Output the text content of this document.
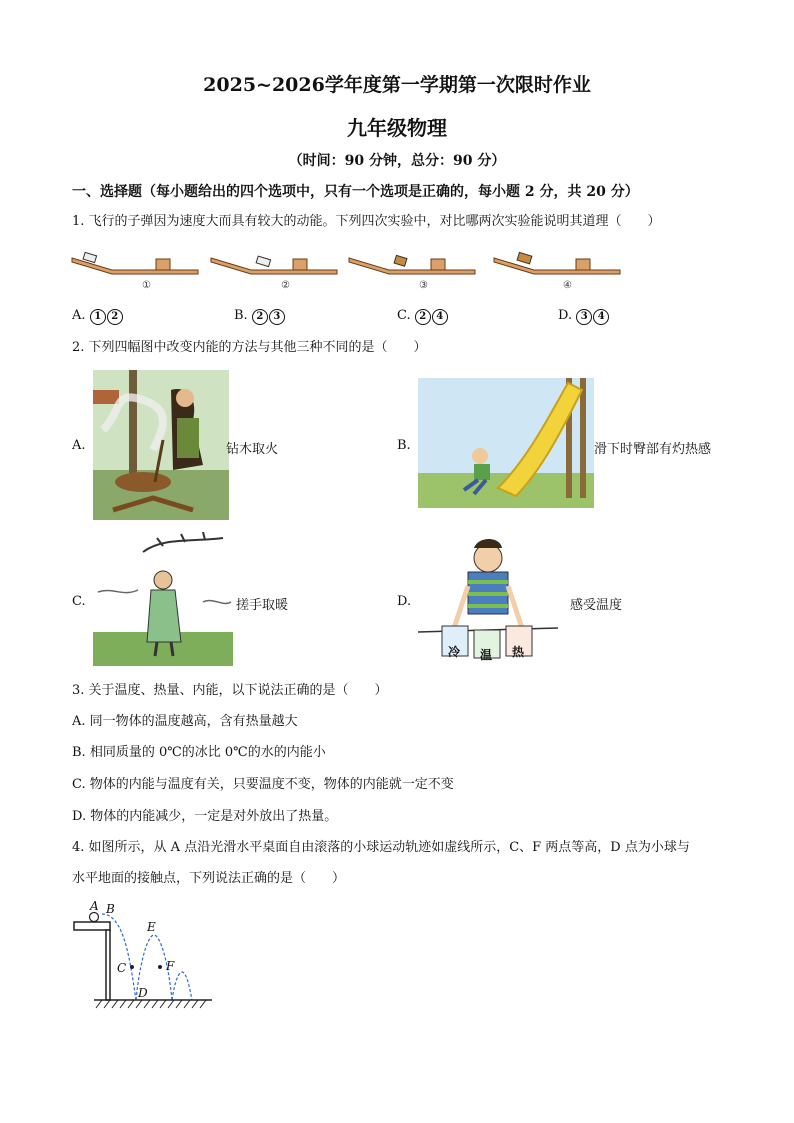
2025~2026学年度第一学期第一次限时作业
九年级物理
（时间：90 分钟，总分：90 分）
一、选择题（每小题给出的四个选项中，只有一个选项是正确的，每小题 2 分，共 20 分）
1. 飞行的子弹因为速度大而具有较大的动能。下列四次实验中，对比哪两次实验能说明其道理（　　）
①	②	③	④
A. 1 2	B. 2 3	C. 2 4	D. 3 4
2. 下列四幅图中改变内能的方法与其他三种不同的是（　　）
A.	钻木取火	B.	滑下时臀部有灼热感
C.	搓手取暖	D.
冷 温 热
感受温度
3. 关于温度、热量、内能，以下说法正确的是（　　）
A. 同一物体的温度越高，含有热量越大
B. 相同质量的 0℃的冰比 0℃的水的内能小
C. 物体的内能与温度有关，只要温度不变，物体的内能就一定不变
D. 物体的内能减少，一定是对外放出了热量。
4. 如图所示，从 A 点沿光滑水平桌面自由滚落的小球运动轨迹如虚线所示，C、F 两点等高，D 点为小球与
水平地面的接触点，下列说法正确的是（　　）
A B
C
D
E
F
